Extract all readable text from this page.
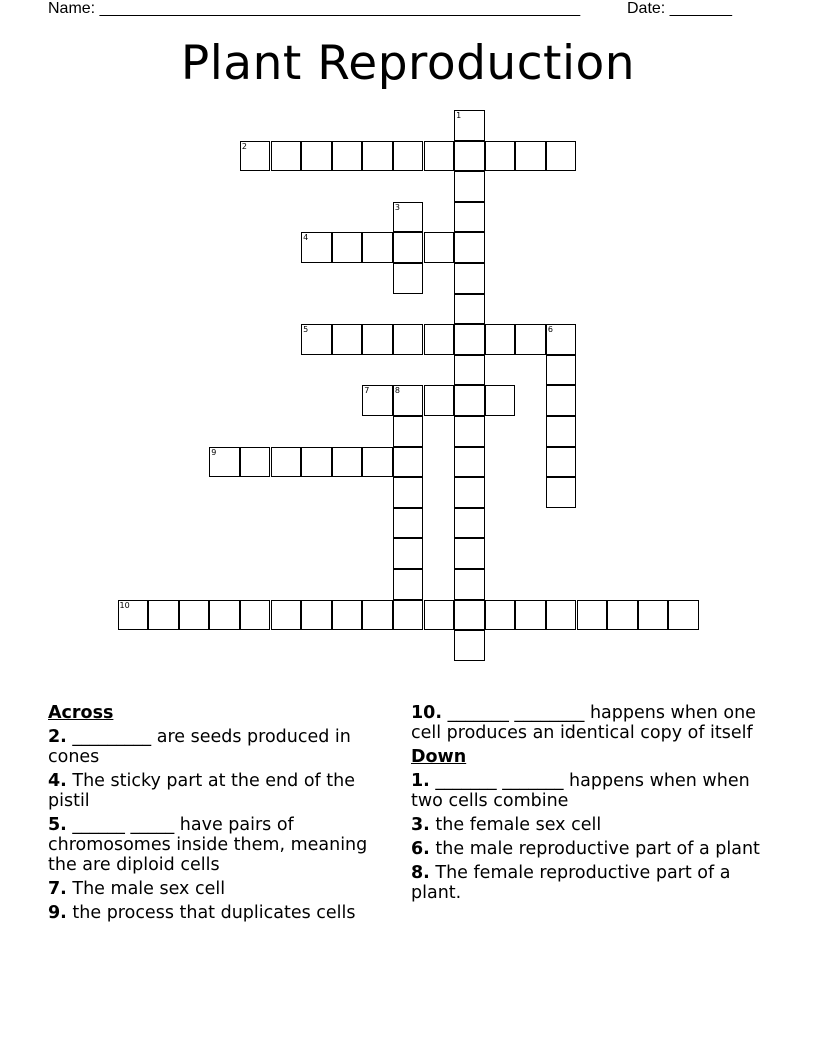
Name: ______________________________________________________	Date: _______
Plant Reproduction
1
2
3
4
5	6
7	8
9
10
Across
2. _________ are seeds produced in cones
4. The sticky part at the end of the pistil
5. ______ _____ have pairs of chromosomes inside them, meaning the are diploid cells
7. The male sex cell
9. the process that duplicates cells
10. _______ ________ happens when one cell produces an identical copy of itself
Down
1. _______ _______ happens when when two cells combine
3. the female sex cell
6. the male reproductive part of a plant
8. The female reproductive part of a plant.
